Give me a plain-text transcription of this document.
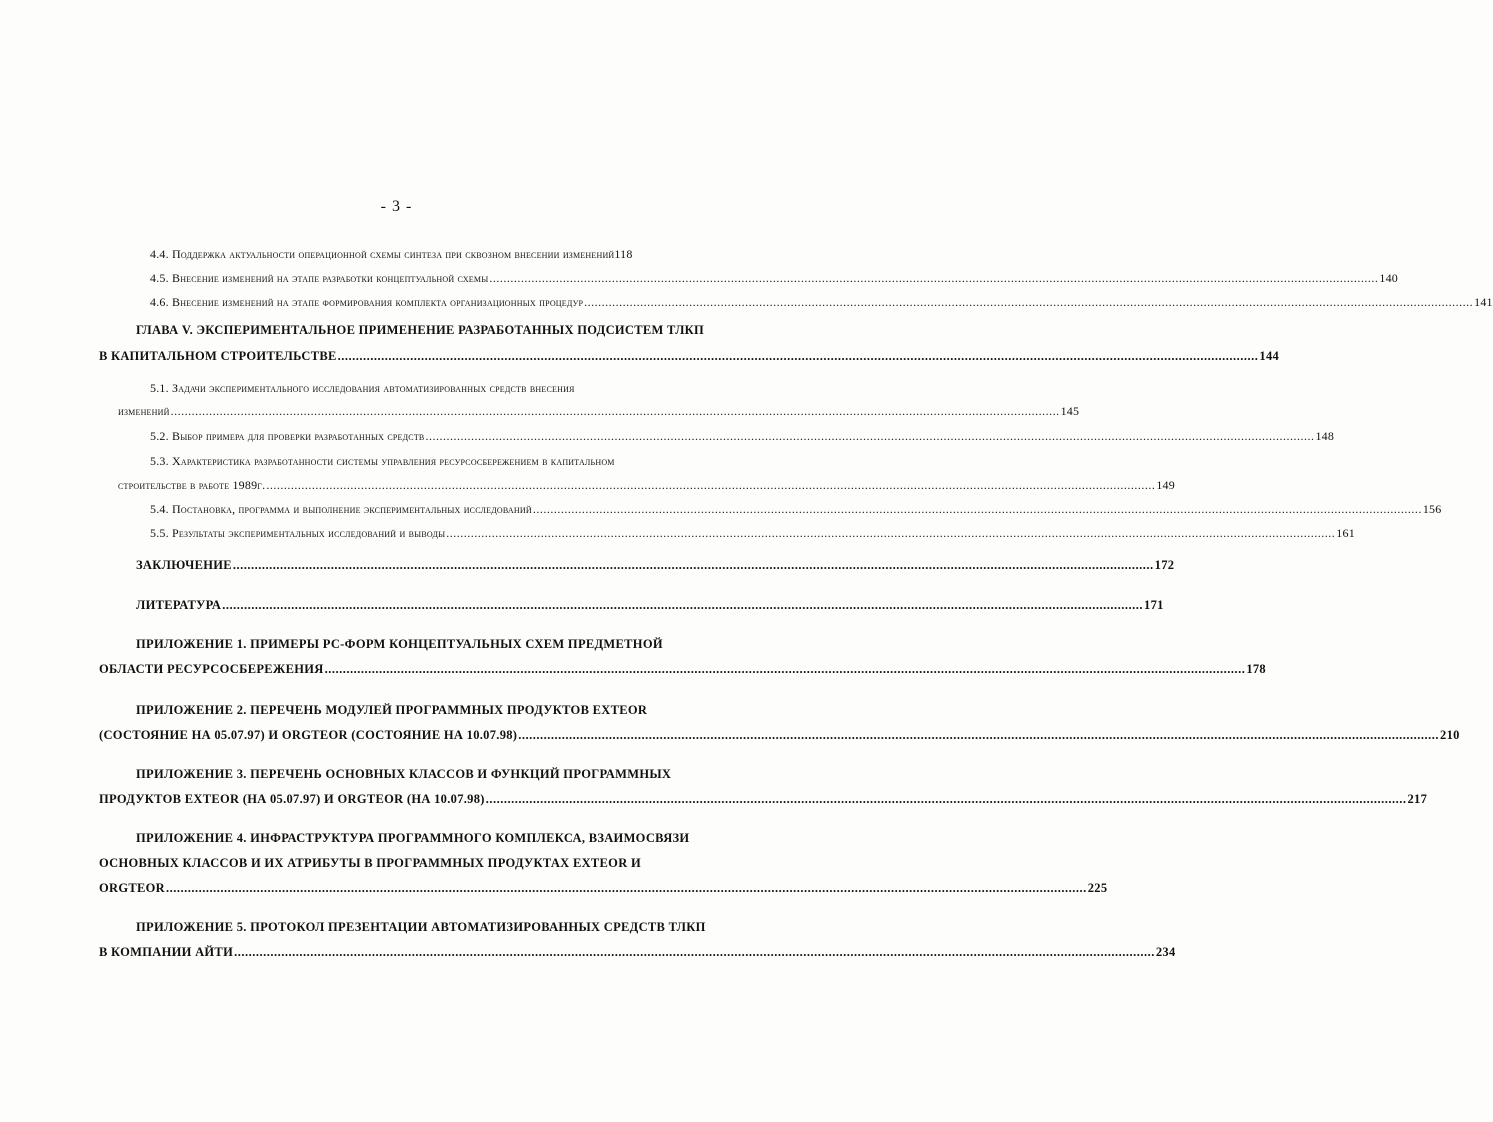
- 3 -
4.4. Поддержка актуальности операционной схемы синтеза при сквозном внесении изменений 118
4.5. Внесение изменений на этапе разработки концептуальной схемы .....	140
4.6. Внесение изменений на этапе формирования комплекта организационных процедур .....	141
ГЛАВА V. ЭКСПЕРИМЕНТАЛЬНОЕ ПРИМЕНЕНИЕ РАЗРАБОТАННЫХ ПОДСИСТЕМ ТЛКП
В КАПИТАЛЬНОМ СТРОИТЕЛЬСТВЕ .....	144
5.1. Задачи экспериментального исследования автоматизированных средств внесения
изменений .....	145
5.2. Выбор примера для проверки разработанных средств .....	148
5.3. Характеристика разработанности системы управления ресурсосбережением в капитальном
строительстве в работе 1989г. .....	149
5.4. Постановка, программа и выполнение экспериментальных исследований .....	156
5.5. Результаты экспериментальных исследований и выводы .....	161
ЗАКЛЮЧЕНИЕ .....	172
ЛИТЕРАТУРА .....	171
ПРИЛОЖЕНИЕ 1. ПРИМЕРЫ РС-ФОРМ КОНЦЕПТУАЛЬНЫХ СХЕМ ПРЕДМЕТНОЙ
ОБЛАСТИ РЕСУРСОСБЕРЕЖЕНИЯ .....	178
ПРИЛОЖЕНИЕ 2. ПЕРЕЧЕНЬ МОДУЛЕЙ ПРОГРАММНЫХ ПРОДУКТОВ EXTEOR
(СОСТОЯНИЕ НА 05.07.97) И ORGTEOR (СОСТОЯНИЕ НА 10.07.98) .....	210
ПРИЛОЖЕНИЕ 3. ПЕРЕЧЕНЬ ОСНОВНЫХ КЛАССОВ И ФУНКЦИЙ ПРОГРАММНЫХ
ПРОДУКТОВ EXTEOR (НА 05.07.97) И ORGTEOR (НА 10.07.98) .....	217
ПРИЛОЖЕНИЕ 4. ИНФРАСТРУКТУРА ПРОГРАММНОГО КОМПЛЕКСА, ВЗАИМОСВЯЗИ
ОСНОВНЫХ КЛАССОВ И ИХ АТРИБУТЫ В ПРОГРАММНЫХ ПРОДУКТАХ EXTEOR И
ORGTEOR .....	225
ПРИЛОЖЕНИЕ 5. ПРОТОКОЛ ПРЕЗЕНТАЦИИ АВТОМАТИЗИРОВАННЫХ СРЕДСТВ ТЛКП
В КОМПАНИИ АЙТИ .....	234
